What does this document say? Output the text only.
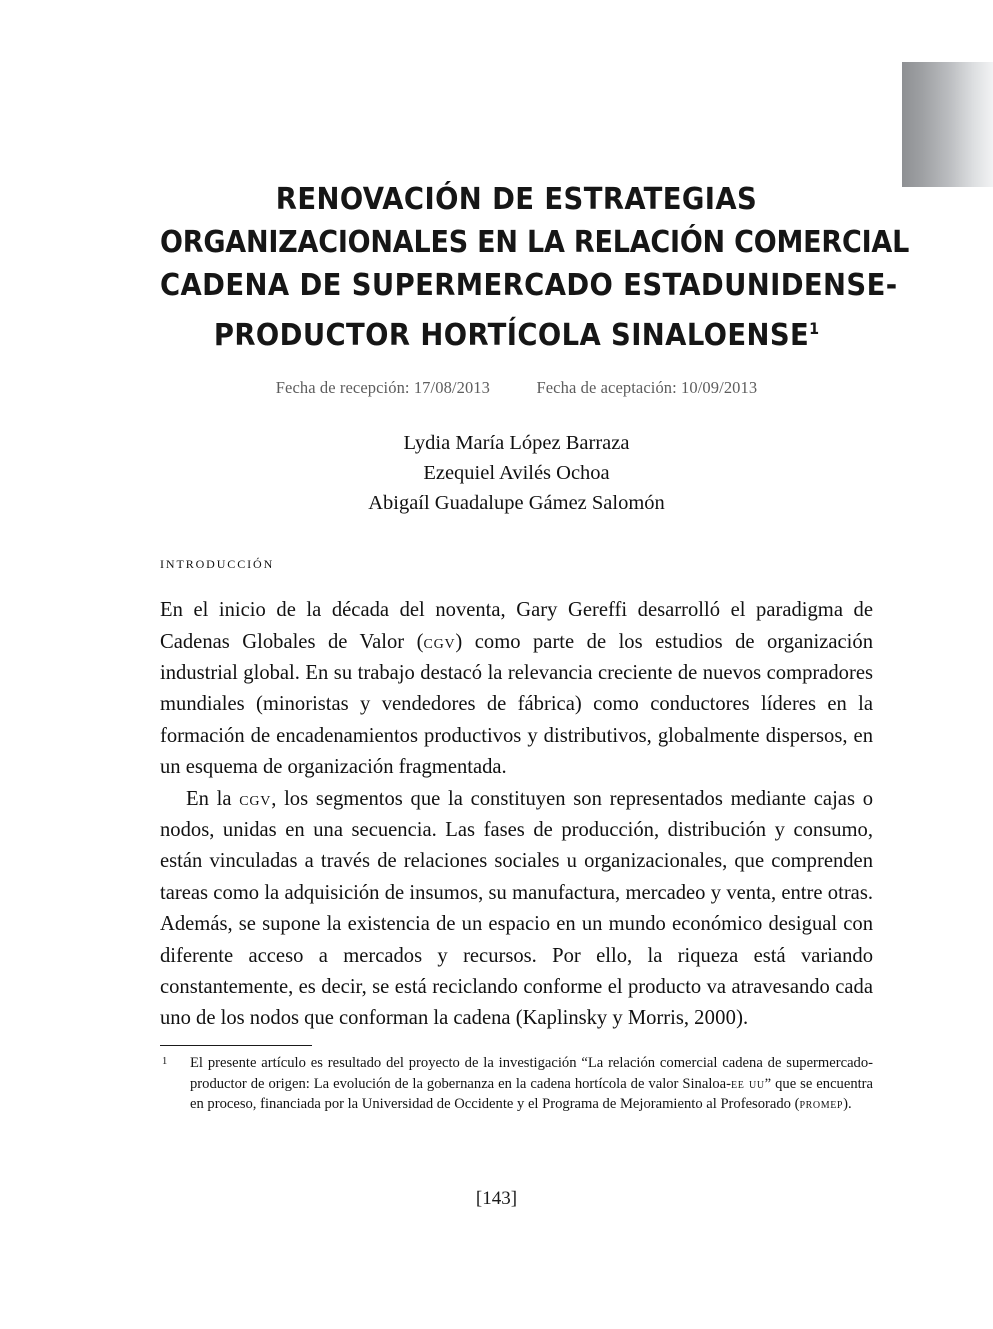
RENOVACIÓN DE ESTRATEGIAS
ORGANIZACIONALES EN LA RELACIÓN COMERCIAL
CADENA DE SUPERMERCADO ESTADUNIDENSE-
PRODUCTOR HORTÍCOLA SINALOENSE$^1$

Fecha de recepción: 17/08/2013	Fecha de aceptación: 10/09/2013

Lydia María López Barraza
Ezequiel Avilés Ochoa
Abigaíl Guadalupe Gámez Salomón
introducción

En el inicio de la década del noventa, Gary Gereffi desarrolló el paradigma de Cadenas Globales de Valor (cgv) como parte de los estudios de organización industrial global. En su trabajo destacó la relevancia creciente de nuevos compradores mundiales (minoristas y vendedores de fábrica) como conductores líderes en la formación de encadenamientos productivos y distributivos, globalmente dispersos, en un esquema de organización fragmentada.

En la cgv, los segmentos que la constituyen son representados mediante cajas o nodos, unidas en una secuencia. Las fases de producción, distribución y consumo, están vinculadas a través de relaciones sociales u organizacionales, que comprenden tareas como la adquisición de insumos, su manufactura, mercadeo y venta, entre otras. Además, se supone la existencia de un espacio en un mundo económico desigual con diferente acceso a mercados y recursos. Por ello, la riqueza está variando constantemente, es decir, se está reciclando conforme el producto va atravesando cada uno de los nodos que conforman la cadena (Kaplinsky y Morris, 2000).

1 El presente artículo es resultado del proyecto de la investigación “La relación comercial cadena de supermercado-productor de origen: La evolución de la gobernanza en la cadena hortícola de valor Sinaloa-ee uu” que se encuentra en proceso, financiada por la Universidad de Occidente y el Programa de Mejoramiento al Profesorado (promep).

[143]
